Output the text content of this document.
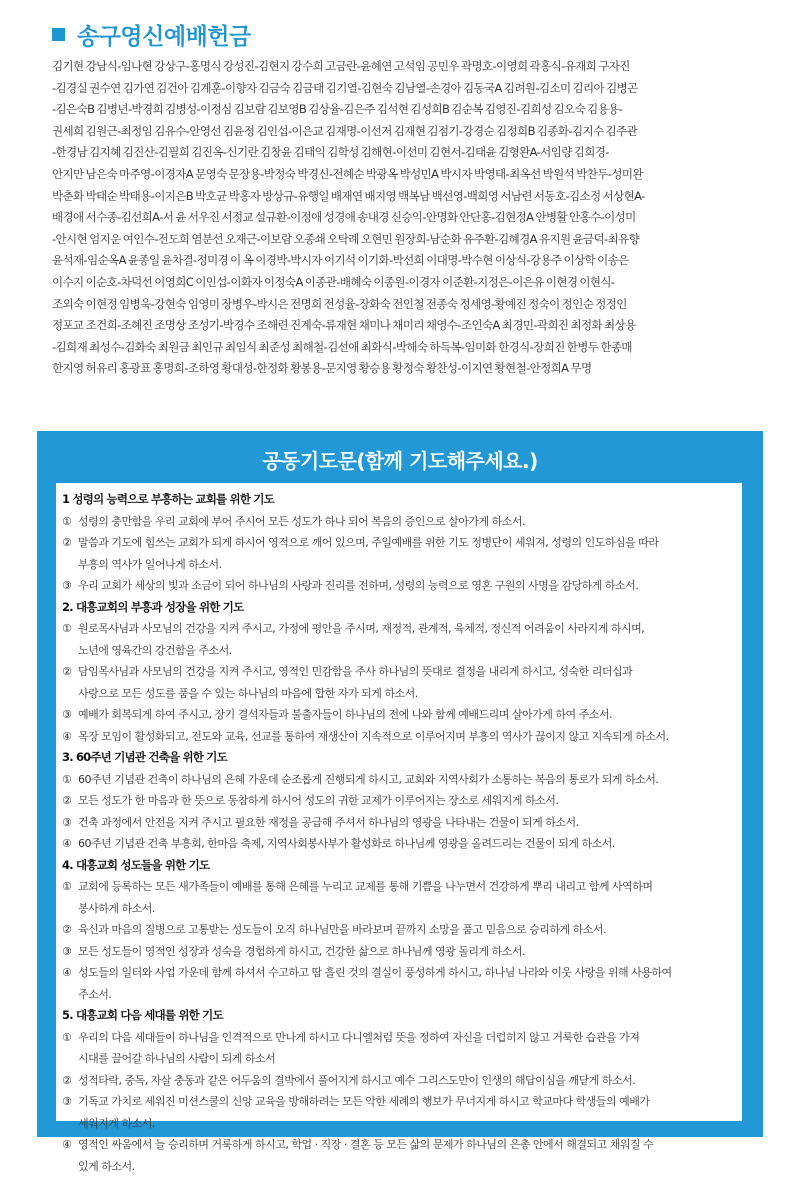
송구영신예배헌금
김기현 강남식-임나현 강상구-홍명식 강성진-김현지 강수희 고금란-윤혜연 고석임 공민우 곽명호-이영희 곽홍식-유재희 구자진
-김경실 권수연 김가연 김건아 김계훈-이향자 김금숙 김금태 김기열-김현숙 김남열-손경아 김동국A 김려원-김소미 김리아 김병곤
-김은숙B 김병년-박경희 김병성-이정심 김보람 김보영B 김상율-김은주 김석현 김성희B 김순복 김영진-김희성 김오숙 김용용-
권세희 김원근-최정임 김유수-안영선 김윤정 김인섭-이은교 김재명-이선저 김재현 김점기-강경순 김정희B 김종화-김지수 김주관
-한경남 김지혜 김진산-김필희 김진옥-신기란 김창윤 김태익 김학성 김해현-이선미 김현서-김태윤 김형완A-서임량 김희경-
안지만 남은숙 마주영-이경자A 문영숙 문장용-박정숙 박경신-전혜순 박광옥 박성민A 박시자 박영태-최옥선 박원석 박찬두-성미완
박춘화 박태순 박태용-이지은B 박호균 박홍자 방상규-유행일 배재연 배지영 백복남 백선영-백희영 서남련 서동호-김소정 서상현A-
배경애 서수종-김선희A-서 윤 서우진 서정교 설규환-이정애 성경애 송내경 신승익-안명화 안단홍-김현정A 안병활 안홍수-이성미
-안시현 엄지운 여인수-전도희 염분선 오재근-이보람 오종쇄 오탁례 오현민 원장희-남순화 유주환-김혜경A 유지원 윤금덕-최유향
윤석재-임순옥A 윤종일 윤차결-정미경 이 옥 이경박-박시자 이기석 이기화-박선희 이대명-박수현 이상식-강용주 이상학 이송은
이수지 이순호-차덕선 이영희C 이인섭-이화자 이정숙A 이종관-배혜숙 이종원-이경자 이준환-지정은-이은유 이현경 이현식-
조외숙 이현정 임병욱-강현숙 임영미 장병우-박시은 전명희 전성율-장화숙 전인철 전종숙 정세영-황예진 정숙이 정인순 정정인
정포교 조건희-조혜진 조명상 조성기-박경수 조해련 진계숙-류재현 채미나 채미리 채영수-조인숙A 최경민-곽희진 최정화 최상용
-김희재 최성수-김화숙 최원금 최인규 최임식 최준성 최해철-김선애 최화식-박해숙 하득복-임미화 한경식-장희진 한병두 한종매
한지영 허유리 홍광표 홍명희-조하영 황대성-한정화 황봉용-문지영 황승용 황정숙 황찬성-이지연 황현철-안정희A 무명
공동기도문(함께 기도해주세요.)
1 성령의 능력으로 부흥하는 교회를 위한 기도
① 성령의 충만함을 우리 교회에 부어 주시어 모든 성도가 하나 되어 복음의 증인으로 살아가게 하소서.
② 말씀과 기도에 힘쓰는 교회가 되게 하시어 영적으로 깨어 있으며, 주일예배를 위한 기도 정병단이 세워져, 성령의 인도하심을 따라
부흥의 역사가 일어나게 하소서.
③ 우리 교회가 세상의 빛과 소금이 되어 하나님의 사랑과 진리를 전하며, 성령의 능력으로 영혼 구원의 사명을 감당하게 하소서.
2. 대흥교회의 부흥과 성장을 위한 기도
① 원로목사님과 사모님의 건강을 지켜 주시고, 가정에 평안을 주시며, 재정적, 관계적, 육체적, 정신적 어려움이 사라지게 하시며,
노년에 영육간의 강건함을 주소서.
② 담임목사님과 사모님의 건강을 지켜 주시고, 영적인 민감함을 주사 하나님의 뜻대로 결정을 내리게 하시고, 성숙한 리더십과
사랑으로 모든 성도를 품을 수 있는 하나님의 마음에 합한 자가 되게 하소서.
③ 예배가 회복되게 하여 주시고, 장기 결석자들과 불출자들이 하나님의 전에 나와 함께 예배드리며 살아가게 하여 주소서.
④ 목장 모임이 활성화되고, 전도와 교육, 선교를 통하여 재생산이 지속적으로 이루어지며 부흥의 역사가 끊이지 않고 지속되게 하소서.
3. 60주년 기념관 건축을 위한 기도
① 60주년 기념관 건축이 하나님의 은혜 가운데 순조롭게 진행되게 하시고, 교회와 지역사회가 소통하는 복음의 통로가 되게 하소서.
② 모든 성도가 한 마음과 한 뜻으로 동참하게 하시어 성도의 귀한 교제가 이루어지는 장소로 세워지게 하소서.
③ 건축 과정에서 안전을 지켜 주시고 필요한 재정을 공급해 주셔서 하나님의 영광을 나타내는 건물이 되게 하소서.
④ 60주년 기념관 건축 부흥회, 한마음 축제, 지역사회봉사부가 활성화로 하나님께 영광을 올려드리는 건물이 되게 하소서.
4. 대흥교회 성도들을 위한 기도
① 교회에 등록하는 모든 새가족들이 예배를 통해 은혜를 누리고 교제를 통해 기쁨을 나누면서 건강하게 뿌리 내리고 함께 사역하며
봉사하게 하소서.
② 육신과 마음의 질병으로 고통받는 성도들이 오직 하나님만을 바라보며 끝까지 소망을 품고 믿음으로 승리하게 하소서.
③ 모든 성도들이 영적인 성장과 성숙을 경험하게 하시고, 건강한 삶으로 하나님께 영광 돌리게 하소서.
④ 성도들의 일터와 사업 가운데 함께 하셔서 수고하고 땀 흘린 것의 결실이 풍성하게 하시고, 하나님 나라와 이웃 사랑을 위해 사용하여
주소서.
5. 대흥교회 다음 세대를 위한 기도
① 우리의 다음 세대들이 하나님을 인격적으로 만나게 하시고 다니엘처럼 뜻을 정하여 자신을 더럽히지 않고 거룩한 습관을 가져
시대를 끌어갈 하나님의 사람이 되게 하소서
② 성적타락, 중독, 자살 충동과 같은 어두움의 결박에서 풀어지게 하시고 예수 그리스도만이 인생의 해답이심을 깨닫게 하소서.
③ 기독교 가치로 세워진 미션스쿨의 신앙 교육을 방해하려는 모든 악한 세례의 행보가 무너지게 하시고 학교마다 학생들의 예배가
세워지게 하소서.
④ 영적인 싸움에서 늘 승리하며 거룩하게 하시고, 학업 · 직장 · 결혼 등 모든 삶의 문제가 하나님의 은총 안에서 해결되고 채워질 수
있게 하소서.
